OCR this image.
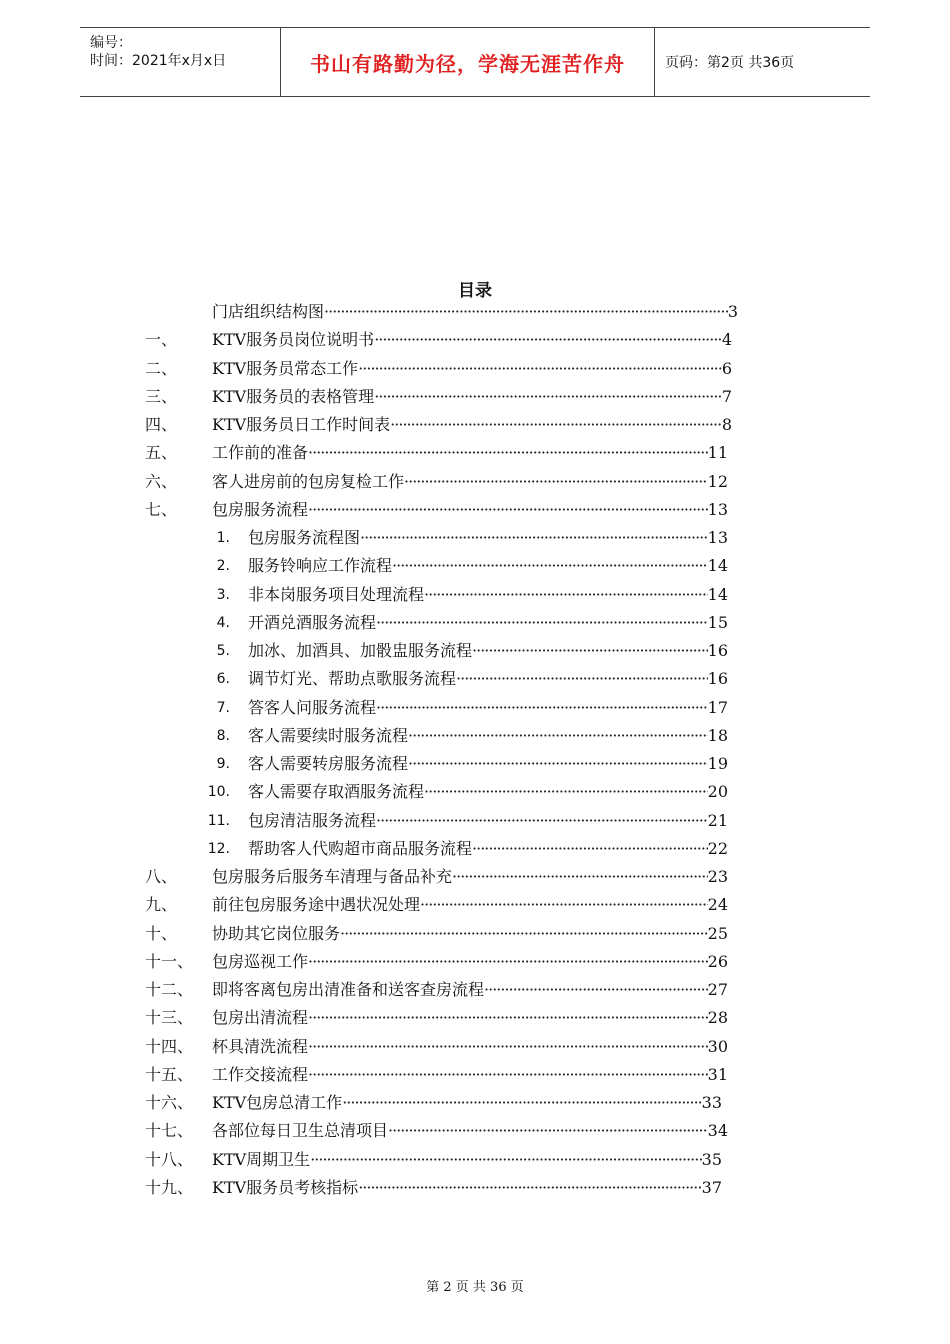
编号：
时间：2021年x月x日	书山有路勤为径，学海无涯苦作舟	页码：第2页 共36页
目录
门店组织结构图 ·····	3
一、 KTV服务员岗位说明书 ·····	4
二、 KTV服务员常态工作 ·····	6
三、 KTV服务员的表格管理 ·····	7
四、 KTV服务员日工作时间表 ·····	8
五、 工作前的准备 ·····	11
六、 客人进房前的包房复检工作 ·····	12
七、 包房服务流程 ·····	13
1. 包房服务流程图 ·····	13
2. 服务铃响应工作流程 ·····	14
3. 非本岗服务项目处理流程 ·····	14
4. 开酒兑酒服务流程 ·····	15
5. 加冰、加酒具、加骰盅服务流程 ·····	16
6. 调节灯光、帮助点歌服务流程 ·····	16
7. 答客人问服务流程 ·····	17
8. 客人需要续时服务流程 ·····	18
9. 客人需要转房服务流程 ·····	19
10. 客人需要存取酒服务流程 ·····	20
11. 包房清洁服务流程 ·····	21
12. 帮助客人代购超市商品服务流程 ·····	22
八、 包房服务后服务车清理与备品补充 ·····	23
九、 前往包房服务途中遇状况处理 ·····	24
十、 协助其它岗位服务 ·····	25
十一、 包房巡视工作 ·····	26
十二、 即将客离包房出清准备和送客查房流程 ·····	27
十三、 包房出清流程 ·····	28
十四、 杯具清洗流程 ·····	30
十五、 工作交接流程 ·····	31
十六、 KTV包房总清工作 ·····	33
十七、 各部位每日卫生总清项目 ·····	34
十八、 KTV周期卫生 ·····	35
十九、 KTV服务员考核指标 ·····	37
第 2 页 共 36 页
